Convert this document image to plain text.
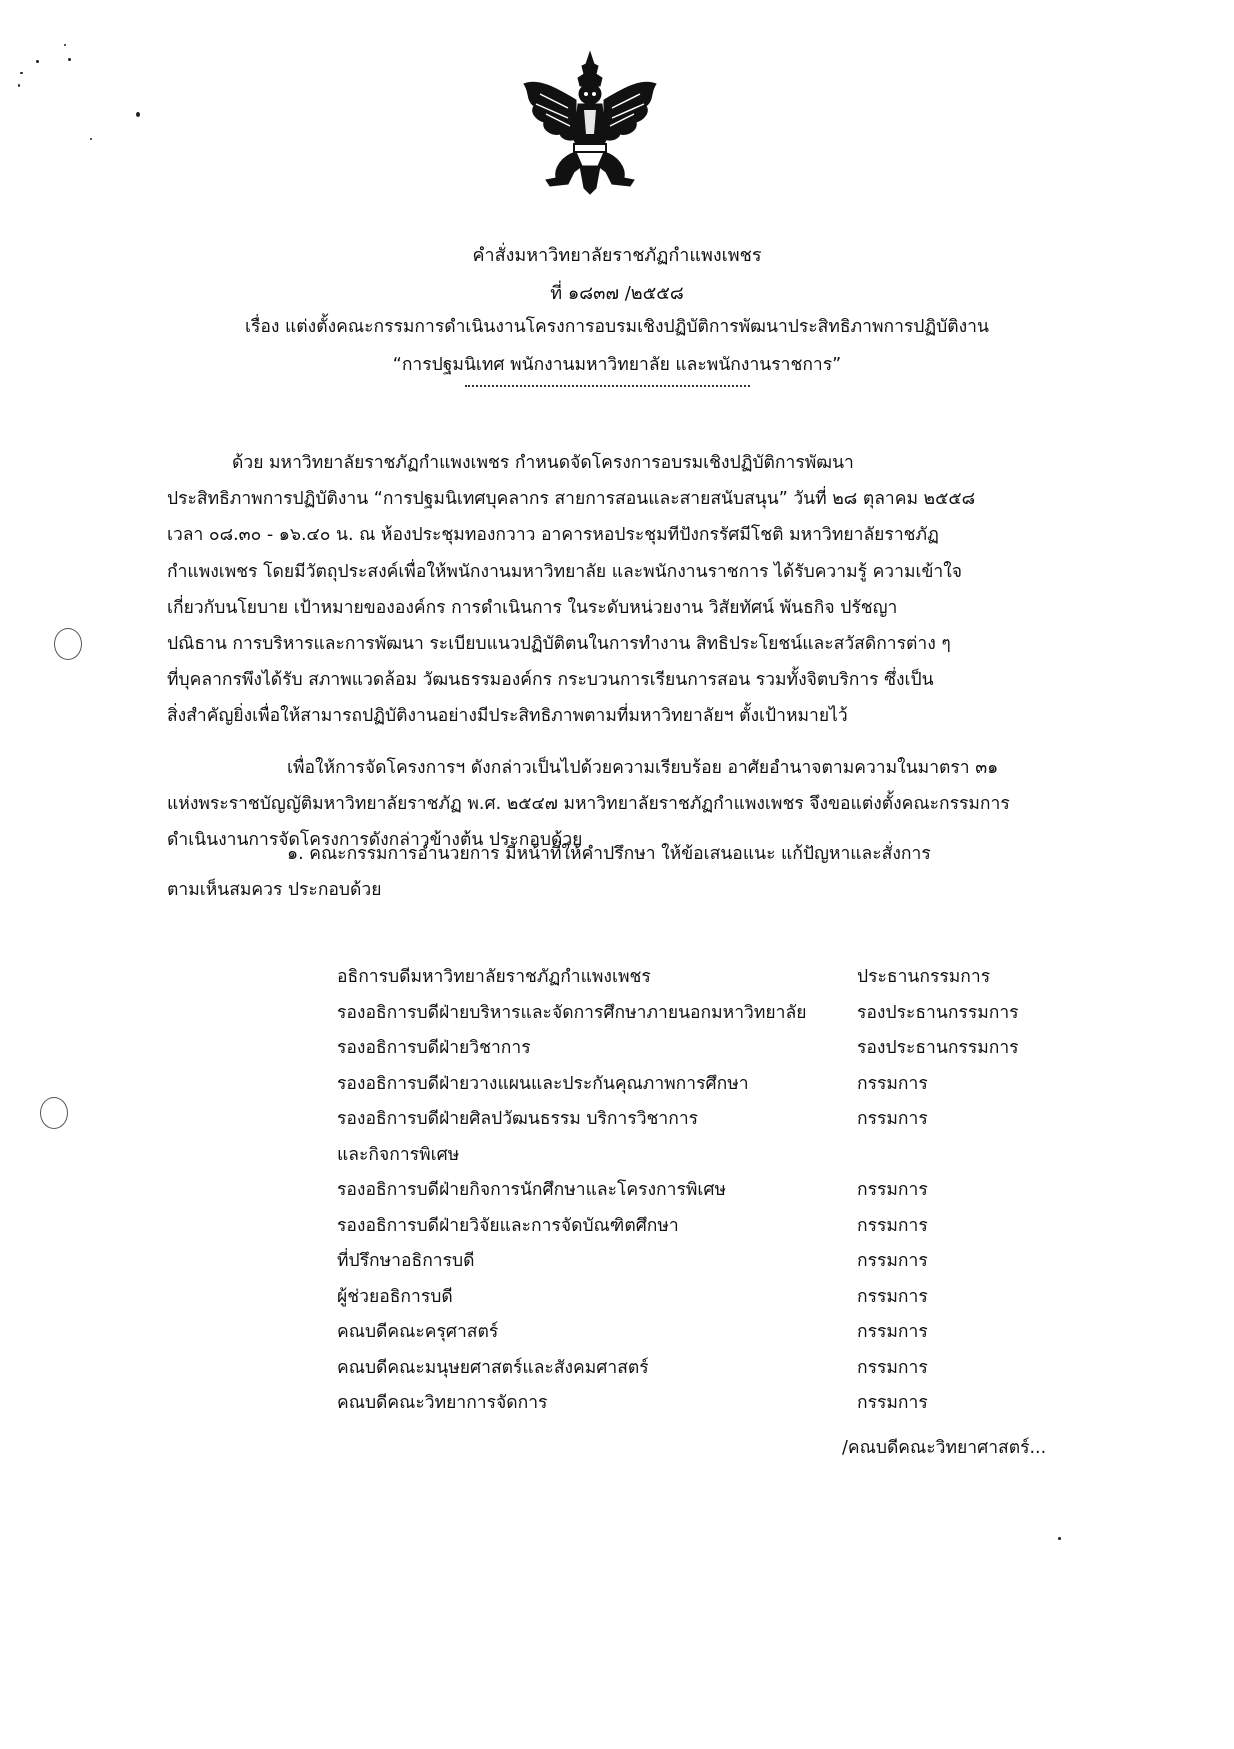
คำสั่งมหาวิทยาลัยราชภัฏกำแพงเพชร
ที่ ๑๘๓๗ /๒๕๕๘
เรื่อง แต่งตั้งคณะกรรมการดำเนินงานโครงการอบรมเชิงปฏิบัติการพัฒนาประสิทธิภาพการปฏิบัติงาน
“การปฐมนิเทศ พนักงานมหาวิทยาลัย และพนักงานราชการ”
ด้วย มหาวิทยาลัยราชภัฏกำแพงเพชร กำหนดจัดโครงการอบรมเชิงปฏิบัติการพัฒนา
ประสิทธิภาพการปฏิบัติงาน “การปฐมนิเทศบุคลากร สายการสอนและสายสนับสนุน” วันที่ ๒๘ ตุลาคม ๒๕๕๘
เวลา ๐๘.๓๐ - ๑๖.๔๐ น. ณ ห้องประชุมทองกวาว อาคารหอประชุมทีปังกรรัศมีโชติ มหาวิทยาลัยราชภัฏ
กำแพงเพชร โดยมีวัตถุประสงค์เพื่อให้พนักงานมหาวิทยาลัย และพนักงานราชการ ได้รับความรู้ ความเข้าใจ
เกี่ยวกับนโยบาย เป้าหมายขององค์กร การดำเนินการ ในระดับหน่วยงาน วิสัยทัศน์ พันธกิจ ปรัชญา
ปณิธาน การบริหารและการพัฒนา ระเบียบแนวปฏิบัติตนในการทำงาน สิทธิประโยชน์และสวัสดิการต่าง ๆ
ที่บุคลากรพึงได้รับ สภาพแวดล้อม วัฒนธรรมองค์กร กระบวนการเรียนการสอน รวมทั้งจิตบริการ ซึ่งเป็น
สิ่งสำคัญยิ่งเพื่อให้สามารถปฏิบัติงานอย่างมีประสิทธิภาพตามที่มหาวิทยาลัยฯ ตั้งเป้าหมายไว้
เพื่อให้การจัดโครงการฯ ดังกล่าวเป็นไปด้วยความเรียบร้อย อาศัยอำนาจตามความในมาตรา ๓๑
แห่งพระราชบัญญัติมหาวิทยาลัยราชภัฏ พ.ศ. ๒๕๔๗ มหาวิทยาลัยราชภัฏกำแพงเพชร จึงขอแต่งตั้งคณะกรรมการ
ดำเนินงานการจัดโครงการดังกล่าวข้างต้น ประกอบด้วย
๑. คณะกรรมการอำนวยการ มีหน้าที่ให้คำปรึกษา ให้ข้อเสนอแนะ แก้ปัญหาและสั่งการ
ตามเห็นสมควร ประกอบด้วย
อธิการบดีมหาวิทยาลัยราชภัฏกำแพงเพชร	ประธานกรรมการ
รองอธิการบดีฝ่ายบริหารและจัดการศึกษาภายนอกมหาวิทยาลัย	รองประธานกรรมการ
รองอธิการบดีฝ่ายวิชาการ	รองประธานกรรมการ
รองอธิการบดีฝ่ายวางแผนและประกันคุณภาพการศึกษา	กรรมการ
รองอธิการบดีฝ่ายศิลปวัฒนธรรม บริการวิชาการ	กรรมการ
และกิจการพิเศษ
รองอธิการบดีฝ่ายกิจการนักศึกษาและโครงการพิเศษ	กรรมการ
รองอธิการบดีฝ่ายวิจัยและการจัดบัณฑิตศึกษา	กรรมการ
ที่ปรึกษาอธิการบดี	กรรมการ
ผู้ช่วยอธิการบดี	กรรมการ
คณบดีคณะครุศาสตร์	กรรมการ
คณบดีคณะมนุษยศาสตร์และสังคมศาสตร์	กรรมการ
คณบดีคณะวิทยาการจัดการ	กรรมการ
/คณบดีคณะวิทยาศาสตร์...
